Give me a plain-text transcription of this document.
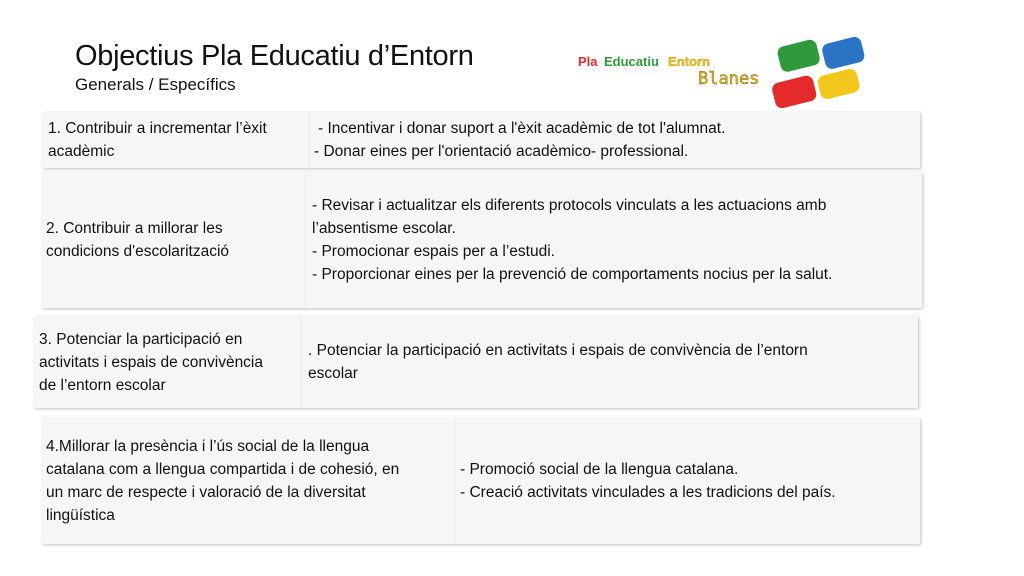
Objectius Pla Educatiu d’Entorn
Generals / Específics
Pla Educatiu Entorn
Blanes
1. Contribuir a incrementar l’èxit
acadèmic
- Incentivar i donar suport a l'èxit acadèmic de tot l'alumnat.
- Donar eines per l'orientació acadèmico- professional.
2. Contribuir a millorar les
condicions d'escolarització
- Revisar i actualitzar els diferents protocols vinculats a les actuacions amb
l’absentisme escolar.
- Promocionar espais per a l’estudi.
- Proporcionar eines per la prevenció de comportaments nocius per la salut.
3. Potenciar la participació en
activitats i espais de convivència
de l’entorn escolar
. Potenciar la participació en activitats i espais de convivència de l’entorn
escolar
4.Millorar la presència i l’ús social de la llengua
catalana com a llengua compartida i de cohesió, en
un marc de respecte i valoració de la diversitat
lingüística
- Promoció social de la llengua catalana.
- Creació activitats vinculades a les tradicions del país.
